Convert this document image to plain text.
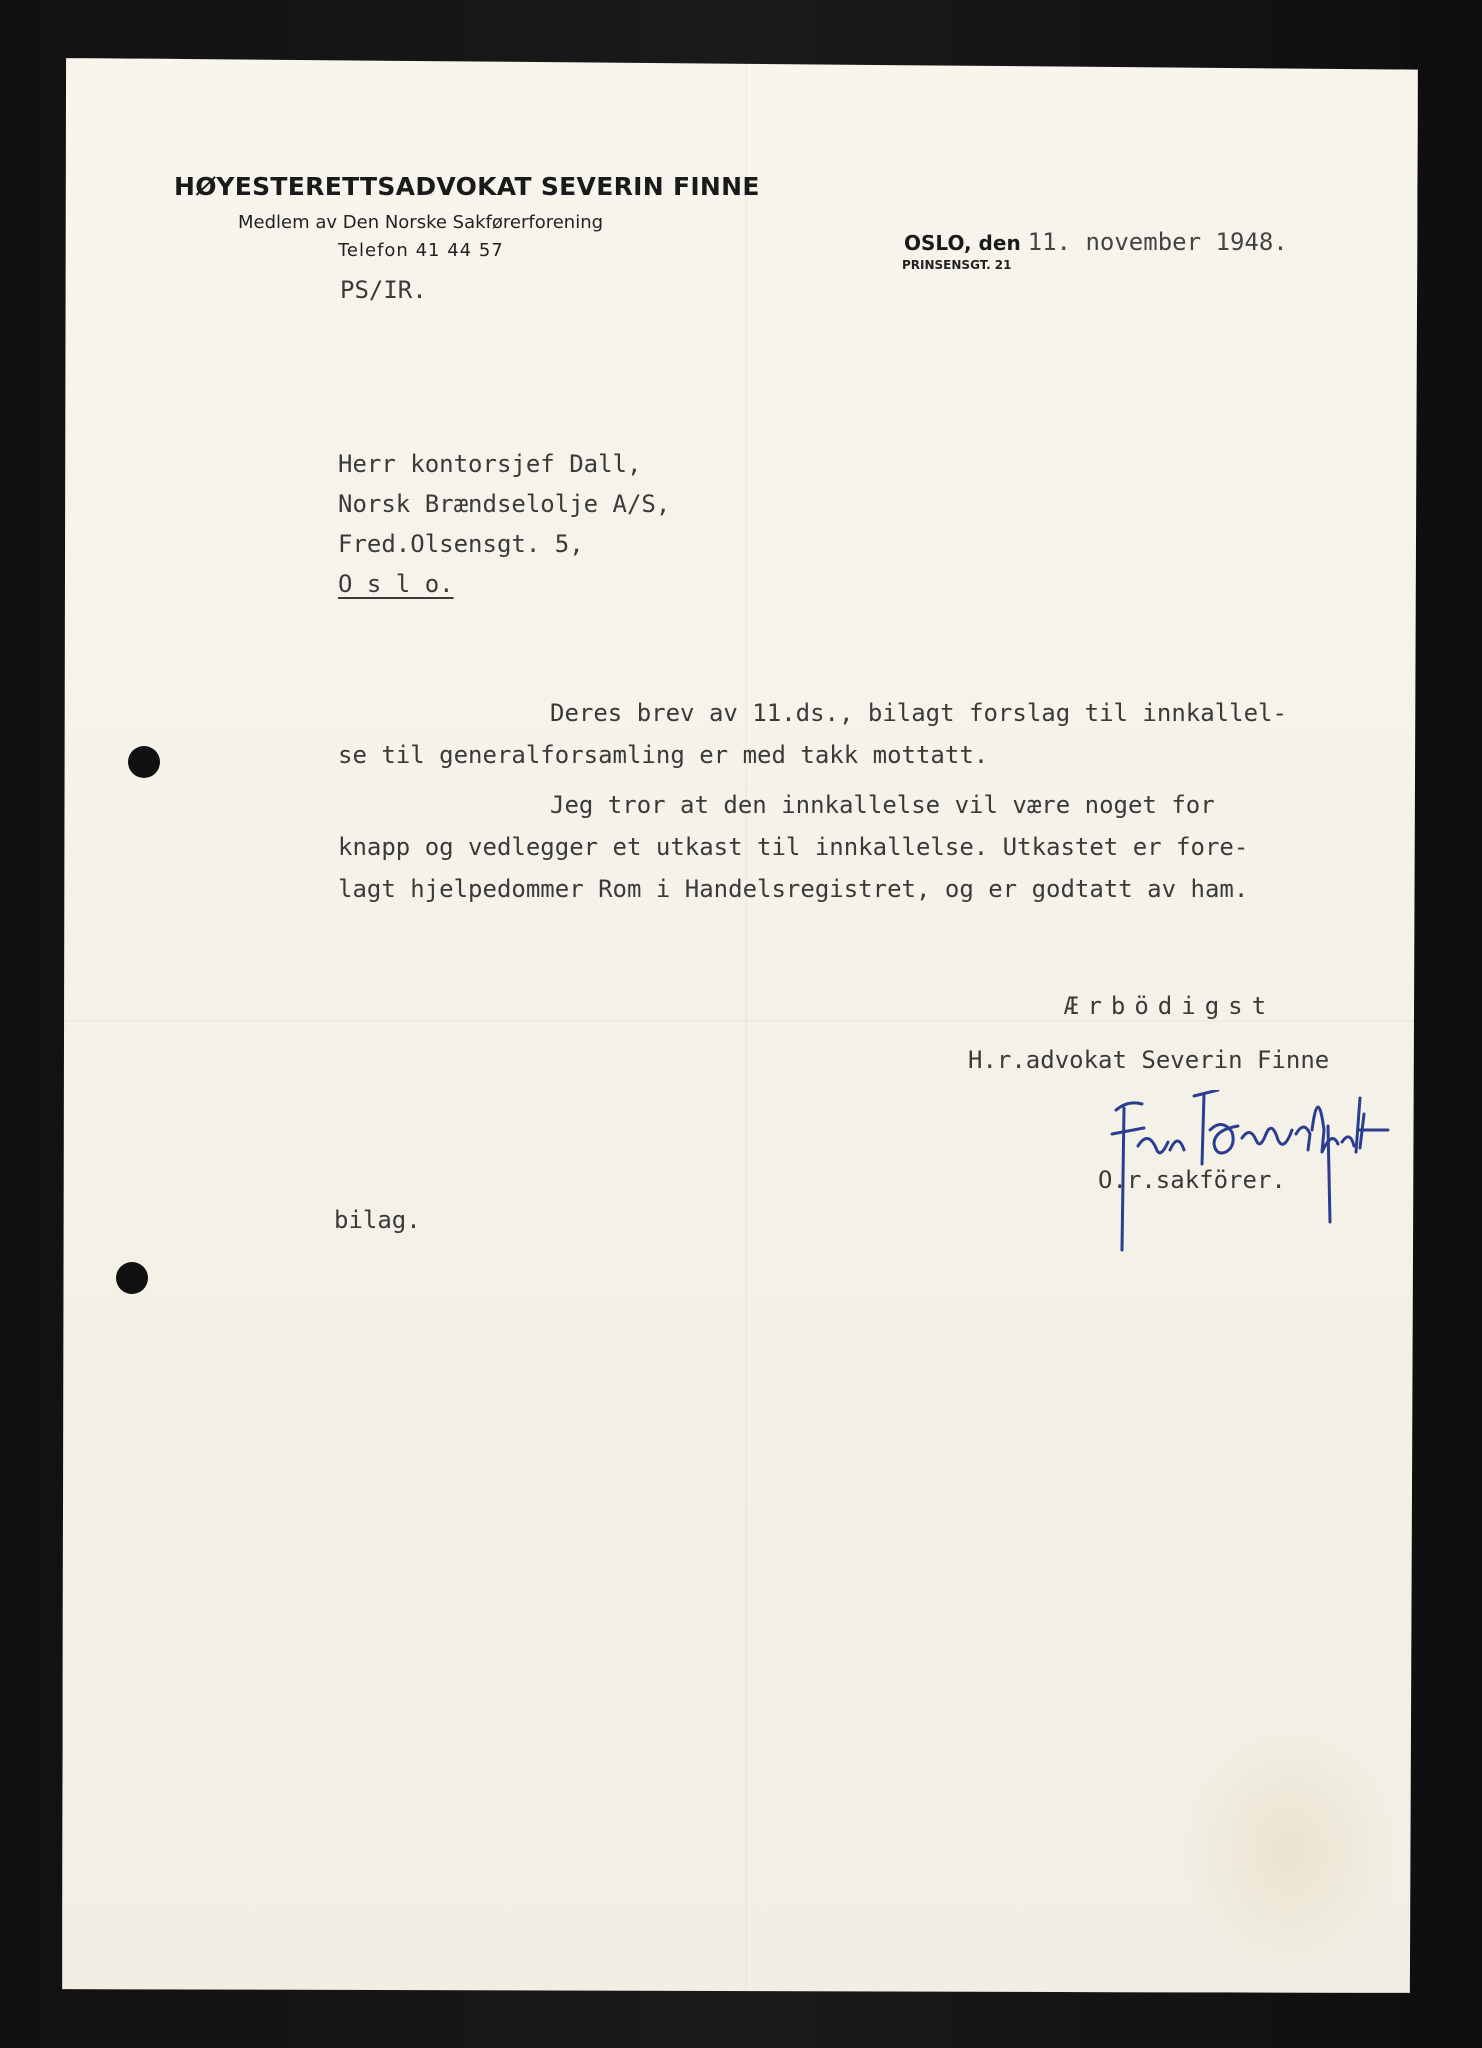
HØYESTERETTSADVOKAT SEVERIN FINNE
Medlem av Den Norske Sakførerforening
Telefon 41 44 57
PS/IR.
OSLO, den 11. november 1948.
PRINSENSGT. 21
Herr kontorsjef Dall,
Norsk Brændselolje A/S,
Fred.Olsensgt. 5,
O s l o.
Deres brev av 11.ds., bilagt forslag til innkallel-
se til generalforsamling er med takk mottatt.
Jeg tror at den innkallelse vil være noget for
knapp og vedlegger et utkast til innkallelse. Utkastet er fore-
lagt hjelpedommer Rom i Handelsregistret, og er godtatt av ham.
Ærbödigst
H.r.advokat Severin Finne
O.r.sakförer.
bilag.
